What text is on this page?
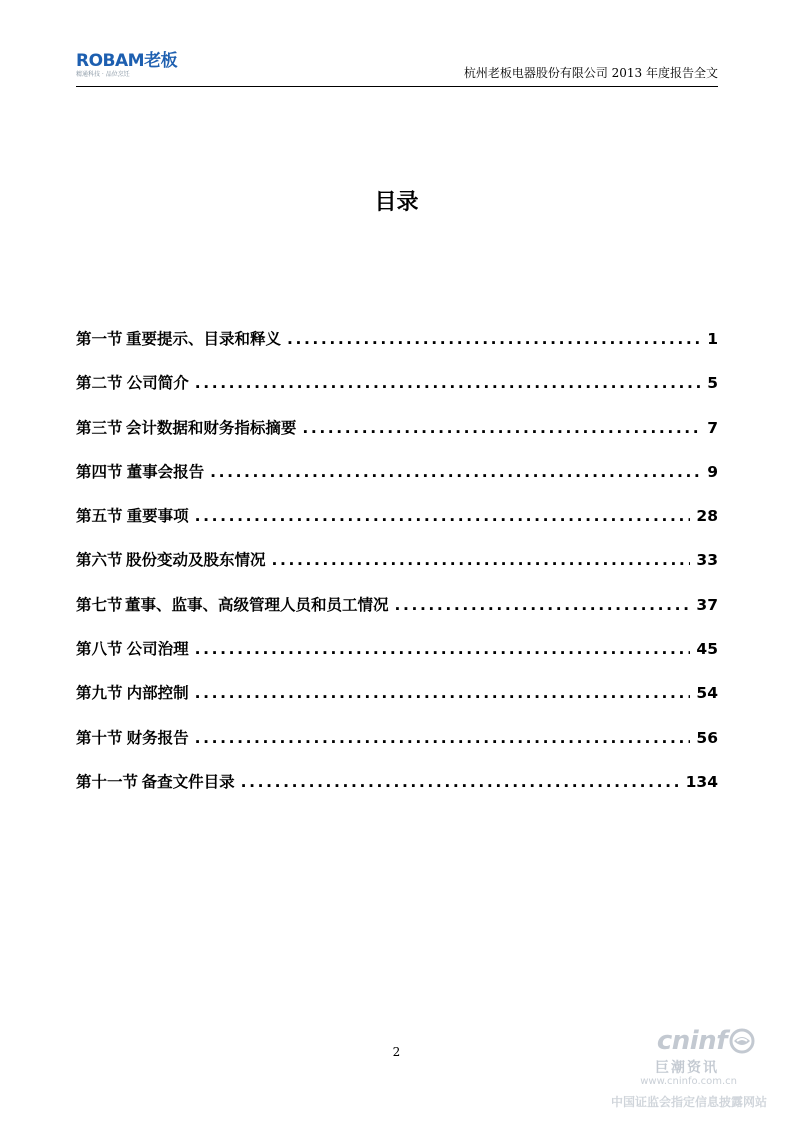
ROBAM老板
精通科技 · 品位烹饪	杭州老板电器股份有限公司 2013 年度报告全文
目录
第一节 重要提示、目录和释义 .....	1
第二节 公司简介 .....	5
第三节 会计数据和财务指标摘要 .....	7
第四节 董事会报告 .....	9
第五节 重要事项 .....	28
第六节 股份变动及股东情况 .....	33
第七节 董事、监事、高级管理人员和员工情况 .....	37
第八节 公司治理 .....	45
第九节 内部控制 .....	54
第十节 财务报告 .....	56
第十一节 备查文件目录 .....	134
2	cninf
巨潮资讯
www.cninfo.com.cn
中国证监会指定信息披露网站
